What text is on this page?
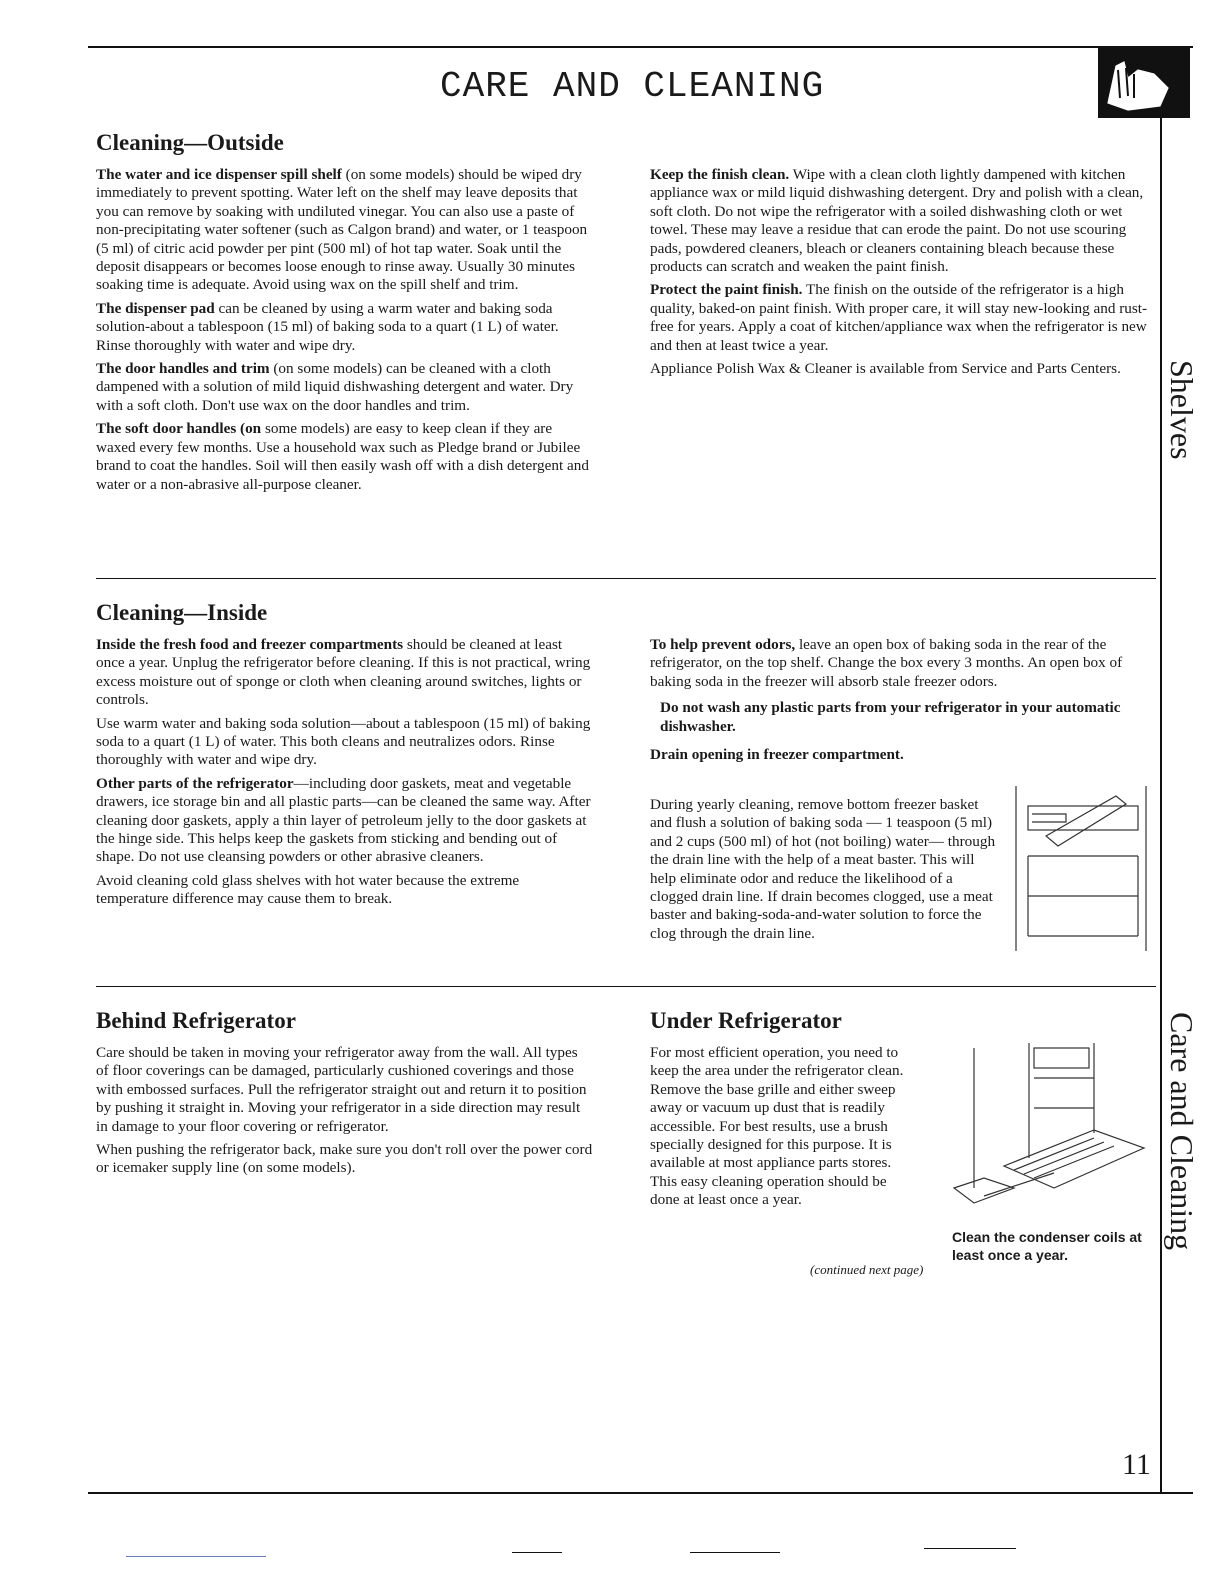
CARE AND CLEANING
Shelves
Care and Cleaning
Cleaning—Outside

The water and ice dispenser spill shelf (on some models) should be wiped dry immediately to prevent spotting. Water left on the shelf may leave deposits that you can remove by soaking with undiluted vinegar. You can also use a paste of non-precipitating water softener (such as Calgon brand) and water, or 1 teaspoon (5 ml) of citric acid powder per pint (500 ml) of hot tap water. Soak until the deposit disappears or becomes loose enough to rinse away. Usually 30 minutes soaking time is adequate. Avoid using wax on the spill shelf and trim.

The dispenser pad can be cleaned by using a warm water and baking soda solution-about a tablespoon (15 ml) of baking soda to a quart (1 L) of water. Rinse thoroughly with water and wipe dry.

The door handles and trim (on some models) can be cleaned with a cloth dampened with a solution of mild liquid dishwashing detergent and water. Dry with a soft cloth. Don't use wax on the door handles and trim.

The soft door handles (on some models) are easy to keep clean if they are waxed every few months. Use a household wax such as Pledge brand or Jubilee brand to coat the handles. Soil will then easily wash off with a dish detergent and water or a non-abrasive all-purpose cleaner.

Keep the finish clean. Wipe with a clean cloth lightly dampened with kitchen appliance wax or mild liquid dishwashing detergent. Dry and polish with a clean, soft cloth. Do not wipe the refrigerator with a soiled dishwashing cloth or wet towel. These may leave a residue that can erode the paint. Do not use scouring pads, powdered cleaners, bleach or cleaners containing bleach because these products can scratch and weaken the paint finish.

Protect the paint finish. The finish on the outside of the refrigerator is a high quality, baked-on paint finish. With proper care, it will stay new-looking and rust-free for years. Apply a coat of kitchen/appliance wax when the refrigerator is new and then at least twice a year.

Appliance Polish Wax & Cleaner is available from Service and Parts Centers.

Cleaning—Inside

Inside the fresh food and freezer compartments should be cleaned at least once a year. Unplug the refrigerator before cleaning. If this is not practical, wring excess moisture out of sponge or cloth when cleaning around switches, lights or controls.

Use warm water and baking soda solution—about a tablespoon (15 ml) of baking soda to a quart (1 L) of water. This both cleans and neutralizes odors. Rinse thoroughly with water and wipe dry.

Other parts of the refrigerator—including door gaskets, meat and vegetable drawers, ice storage bin and all plastic parts—can be cleaned the same way. After cleaning door gaskets, apply a thin layer of petroleum jelly to the door gaskets at the hinge side. This helps keep the gaskets from sticking and bending out of shape. Do not use cleansing powders or other abrasive cleaners.

Avoid cleaning cold glass shelves with hot water because the extreme temperature difference may cause them to break.

To help prevent odors, leave an open box of baking soda in the rear of the refrigerator, on the top shelf. Change the box every 3 months. An open box of baking soda in the freezer will absorb stale freezer odors.

Do not wash any plastic parts from your refrigerator in your automatic dishwasher.

Drain opening in freezer compartment.

During yearly cleaning, remove bottom freezer basket and flush a solution of baking soda — 1 teaspoon (5 ml) and 2 cups (500 ml) of hot (not boiling) water— through the drain line with the help of a meat baster. This will help eliminate odor and reduce the likelihood of a clogged drain line. If drain becomes clogged, use a meat baster and baking-soda-and-water solution to force the clog through the drain line.

Behind Refrigerator

Care should be taken in moving your refrigerator away from the wall. All types of floor coverings can be damaged, particularly cushioned coverings and those with embossed surfaces. Pull the refrigerator straight out and return it to position by pushing it straight in. Moving your refrigerator in a side direction may result in damage to your floor covering or refrigerator.

When pushing the refrigerator back, make sure you don't roll over the power cord or icemaker supply line (on some models).

Under Refrigerator

For most efficient operation, you need to keep the area under the refrigerator clean. Remove the base grille and either sweep away or vacuum up dust that is readily accessible. For best results, use a brush specially designed for this purpose. It is available at most appliance parts stores. This easy cleaning operation should be done at least once a year.

Clean the condenser coils at least once a year.
(continued next page)
11
